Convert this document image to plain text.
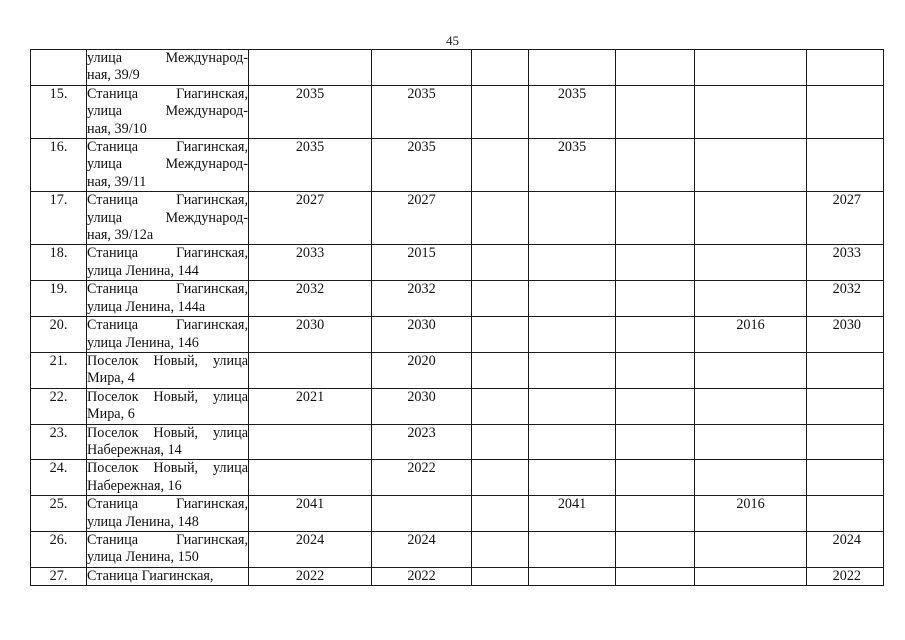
45

	улица Международ-
ная, 39/9							

15.	Станица Гиагинская,
улица Международ-
ная, 39/10	2035	2035		2035			
16.	Станица Гиагинская,
улица Международ-
ная, 39/11	2035	2035		2035			
17.	Станица Гиагинская,
улица Международ-
ная, 39/12а	2027	2027					2027
18.	Станица Гиагинская,
улица Ленина, 144	2033	2015					2033
19.	Станица Гиагинская,
улица Ленина, 144а	2032	2032					2032
20.	Станица Гиагинская,
улица Ленина, 146	2030	2030				2016	2030
21.	Поселок Новый, улица
Мира, 4		2020					
22.	Поселок Новый, улица
Мира, 6	2021	2030					
23.	Поселок Новый, улица
Набережная, 14		2023					
24.	Поселок Новый, улица
Набережная, 16		2022					
25.	Станица Гиагинская,
улица Ленина, 148	2041			2041		2016	
26.	Станица Гиагинская,
улица Ленина, 150	2024	2024					2024
27.	Станица Гиагинская,	2022	2022					2022
